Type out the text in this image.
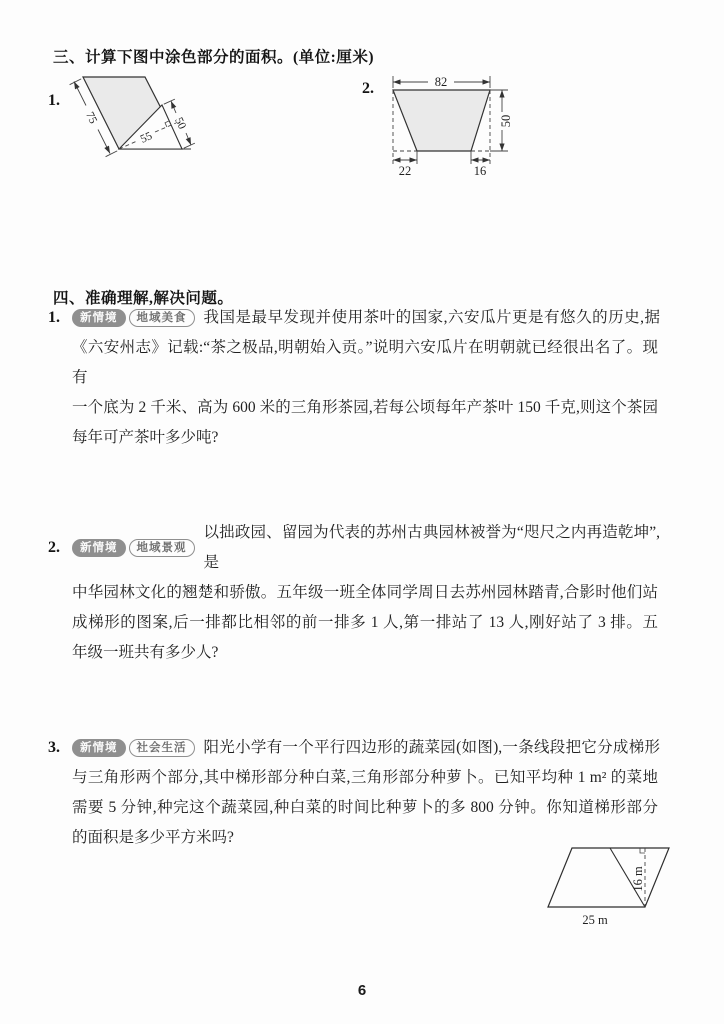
三、计算下图中涂色部分的面积。(单位:厘米)
1.
75	50
55
2.	82
50
22	16
四、准确理解,解决问题。
1.	新情境	地域美食	我国是最早发现并使用茶叶的国家,六安瓜片更是有悠久的历史,据
《六安州志》记载:“茶之极品,明朝始入贡。”说明六安瓜片在明朝就已经很出名了。现有
一个底为 2 千米、高为 600 米的三角形茶园,若每公顷每年产茶叶 150 千克,则这个茶园
每年可产茶叶多少吨?
2.	新情境	地域景观
以拙政园、留园为代表的苏州古典园林被誉为“咫尺之内再造乾坤”,是
中华园林文化的翘楚和骄傲。五年级一班全体同学周日去苏州园林踏青,合影时他们站
成梯形的图案,后一排都比相邻的前一排多 1 人,第一排站了 13 人,刚好站了 3 排。五
年级一班共有多少人?
3.	新情境	社会生活	阳光小学有一个平行四边形的蔬菜园(如图),一条线段把它分成梯形
与三角形两个部分,其中梯形部分种白菜,三角形部分种萝卜。已知平均种 1 m² 的菜地
需要 5 分钟,种完这个蔬菜园,种白菜的时间比种萝卜的多 800 分钟。你知道梯形部分
的面积是多少平方米吗?
16 m
25 m
6
